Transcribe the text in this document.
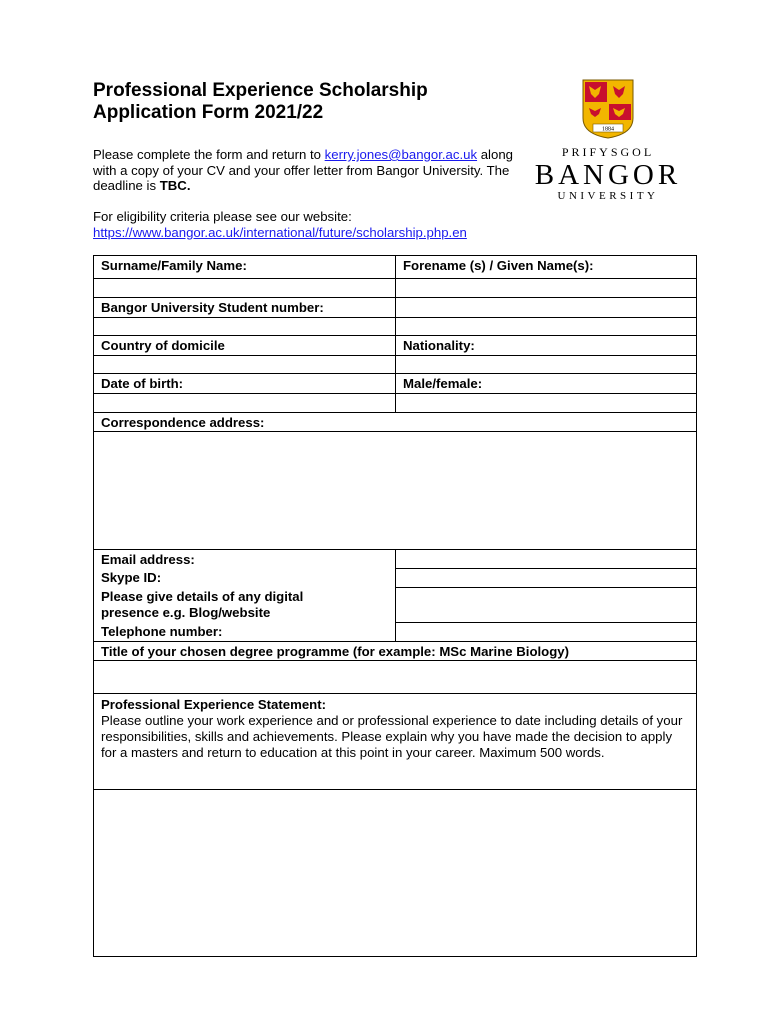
Professional Experience Scholarship
Application Form 2021/22
Please complete the form and return to kerry.jones@bangor.ac.uk along with a copy of your CV and your offer letter from Bangor University. The deadline is TBC.
For eligibility criteria please see our website:
https://www.bangor.ac.uk/international/future/scholarship.php.en
1884
PRIFYSGOL
BANGOR
UNIVERSITY
Surname/Family Name:	Forename (s) / Given Name(s):
Bangor University Student number:
Country of domicile	Nationality:
Date of birth:	Male/female:
Correspondence address:
Email address:
Skype ID:
Please give details of any digital
presence e.g. Blog/website
Telephone number:
Title of your chosen degree programme (for example: MSc Marine Biology)
Professional Experience Statement:
Please outline your work experience and or professional experience to date including details of your responsibilities, skills and achievements. Please explain why you have made the decision to apply for a masters and return to education at this point in your career. Maximum 500 words.
